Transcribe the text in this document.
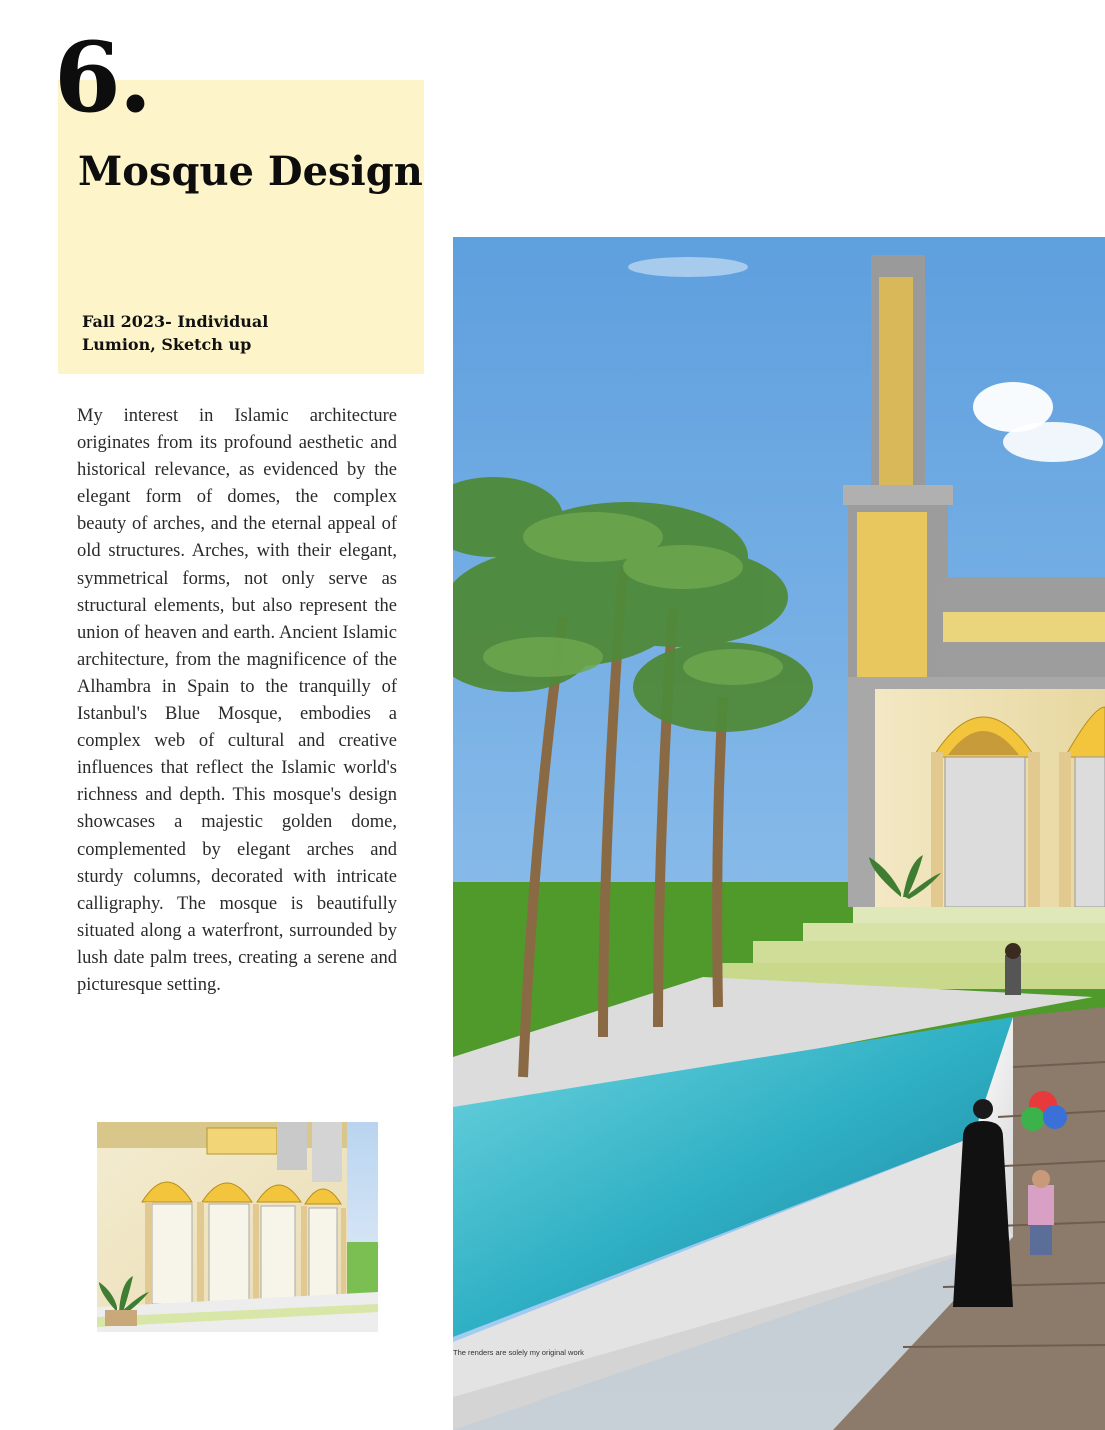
6.
Mosque Design
Fall 2023- Individual
Lumion, Sketch up

My interest in Islamic architecture originates from its profound aesthetic and historical relevance, as evidenced by the elegant form of domes, the complex beauty of arches, and the eternal appeal of old structures. Arches, with their elegant, symmetrical forms, not only serve as structural elements, but also represent the union of heaven and earth. Ancient Islamic architecture, from the magnificence of the Alhambra in Spain to the tranquilly of Istanbul's Blue Mosque, embodies a complex web of cultural and creative influences that reflect the Islamic world's richness and depth. This mosque's design showcases a majestic golden dome, complemented by elegant arches and sturdy columns, decorated with intricate calligraphy. The mosque is beautifully situated along a waterfront, surrounded by lush date palm trees, creating a serene and picturesque setting.

The renders are solely my original work
